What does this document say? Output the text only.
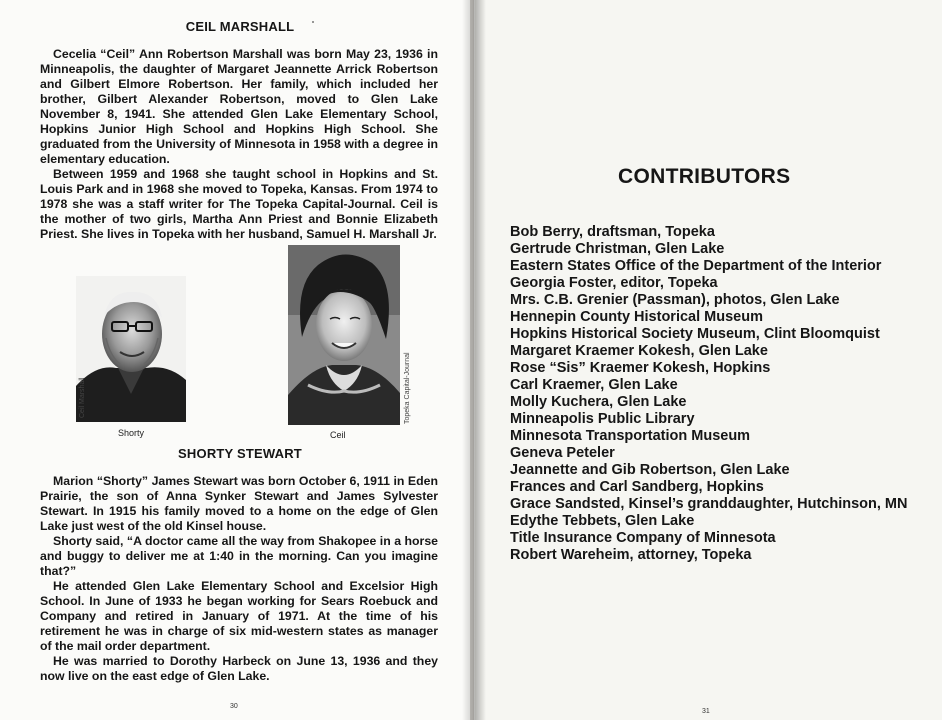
CEIL MARSHALL

Cecelia “Ceil” Ann Robertson Marshall was born May 23, 1936 in Minneapolis, the daughter of Margaret Jeannette Arrick Robertson and Gilbert Elmore Robertson. Her family, which included her brother, Gilbert Alexander Robertson, moved to Glen Lake November 8, 1941. She attended Glen Lake Elementary School, Hopkins Junior High School and Hopkins High School. She graduated from the University of Minnesota in 1958 with a degree in elementary education.

Between 1959 and 1968 she taught school in Hopkins and St. Louis Park and in 1968 she moved to Topeka, Kansas. From 1974 to 1978 she was a staff writer for The Topeka Capital-Journal. Ceil is the mother of two girls, Martha Ann Priest and Bonnie Elizabeth Priest. She lives in Topeka with her husband, Samuel H. Marshall Jr.

Ceil Marshall
Shorty
Topeka Capital-Journal
Ceil
SHORTY STEWART

Marion “Shorty” James Stewart was born October 6, 1911 in Eden Prairie, the son of Anna Synker Stewart and James Sylvester Stewart. In 1915 his family moved to a home on the edge of Glen Lake just west of the old Kinsel house.

Shorty said, “A doctor came all the way from Shakopee in a horse and buggy to deliver me at 1:40 in the morning. Can you imagine that?”

He attended Glen Lake Elementary School and Excelsior High School. In June of 1933 he began working for Sears Roebuck and Company and retired in January of 1971. At the time of his retirement he was in charge of six mid-western states as manager of the mail order department.

He was married to Dorothy Harbeck on June 13, 1936 and they now live on the east edge of Glen Lake.

30
CONTRIBUTORS
Bob Berry, draftsman, Topeka
Gertrude Christman, Glen Lake
Eastern States Office of the Department of the Interior
Georgia Foster, editor, Topeka
Mrs. C.B. Grenier (Passman), photos, Glen Lake
Hennepin County Historical Museum
Hopkins Historical Society Museum, Clint Bloomquist
Margaret Kraemer Kokesh, Glen Lake
Rose “Sis” Kraemer Kokesh, Hopkins
Carl Kraemer, Glen Lake
Molly Kuchera, Glen Lake
Minneapolis Public Library
Minnesota Transportation Museum
Geneva Peteler
Jeannette and Gib Robertson, Glen Lake
Frances and Carl Sandberg, Hopkins
Grace Sandsted, Kinsel’s granddaughter, Hutchinson, MN
Edythe Tebbets, Glen Lake
Title Insurance Company of Minnesota
Robert Wareheim, attorney, Topeka
31
